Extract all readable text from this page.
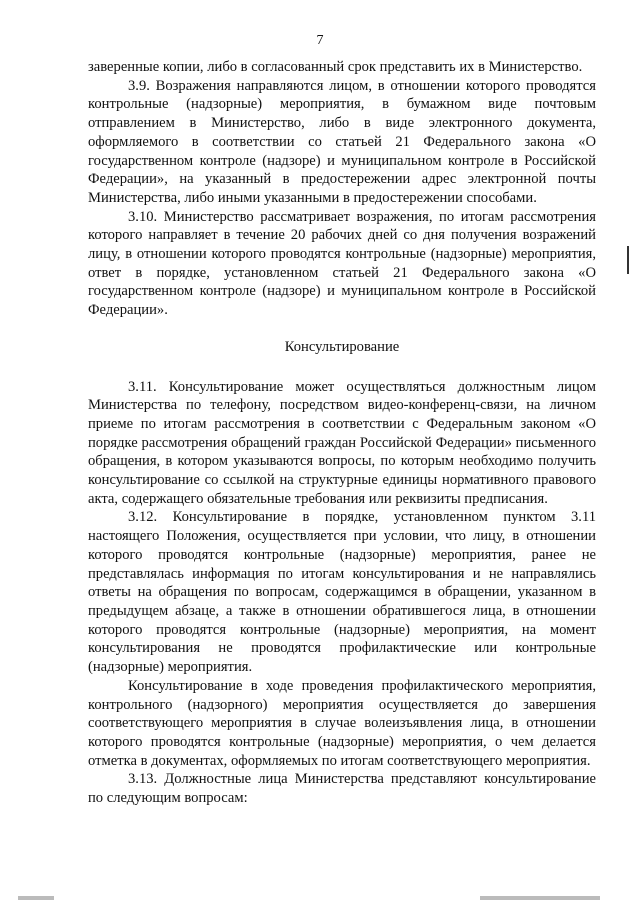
7

заверенные копии, либо в согласованный срок представить их в Министерство.

3.9. Возражения направляются лицом, в отношении которого проводятся контрольные (надзорные) мероприятия, в бумажном виде почтовым отправлением в Министерство, либо в виде электронного документа, оформляемого в соответствии со статьей 21 Федерального закона «О государственном контроле (надзоре) и муниципальном контроле в Российской Федерации», на указанный в предостережении адрес электронной почты Министерства, либо иными указанными в предостережении способами.

3.10. Министерство рассматривает возражения, по итогам рассмотрения которого направляет в течение 20 рабочих дней со дня получения возражений лицу, в отношении которого проводятся контрольные (надзорные) мероприятия, ответ в порядке, установленном статьей 21 Федерального закона «О государственном контроле (надзоре) и муниципальном контроле в Российской Федерации».

Консультирование

3.11. Консультирование может осуществляться должностным лицом Министерства по телефону, посредством видео-конференц-связи, на личном приеме по итогам рассмотрения в соответствии с Федеральным законом «О порядке рассмотрения обращений граждан Российской Федерации» письменного обращения, в котором указываются вопросы, по которым необходимо получить консультирование со ссылкой на структурные единицы нормативного правового акта, содержащего обязательные требования или реквизиты предписания.

3.12. Консультирование в порядке, установленном пунктом 3.11 настоящего Положения, осуществляется при условии, что лицу, в отношении которого проводятся контрольные (надзорные) мероприятия, ранее не представлялась информация по итогам консультирования и не направлялись ответы на обращения по вопросам, содержащимся в обращении, указанном в предыдущем абзаце, а также в отношении обратившегося лица, в отношении которого проводятся контрольные (надзорные) мероприятия, на момент консультирования не проводятся профилактические или контрольные (надзорные) мероприятия.

Консультирование в ходе проведения профилактического мероприятия, контрольного (надзорного) мероприятия осуществляется до завершения соответствующего мероприятия в случае волеизъявления лица, в отношении которого проводятся контрольные (надзорные) мероприятия, о чем делается отметка в документах, оформляемых по итогам соответствующего мероприятия.

3.13. Должностные лица Министерства представляют консультирование по следующим вопросам:
